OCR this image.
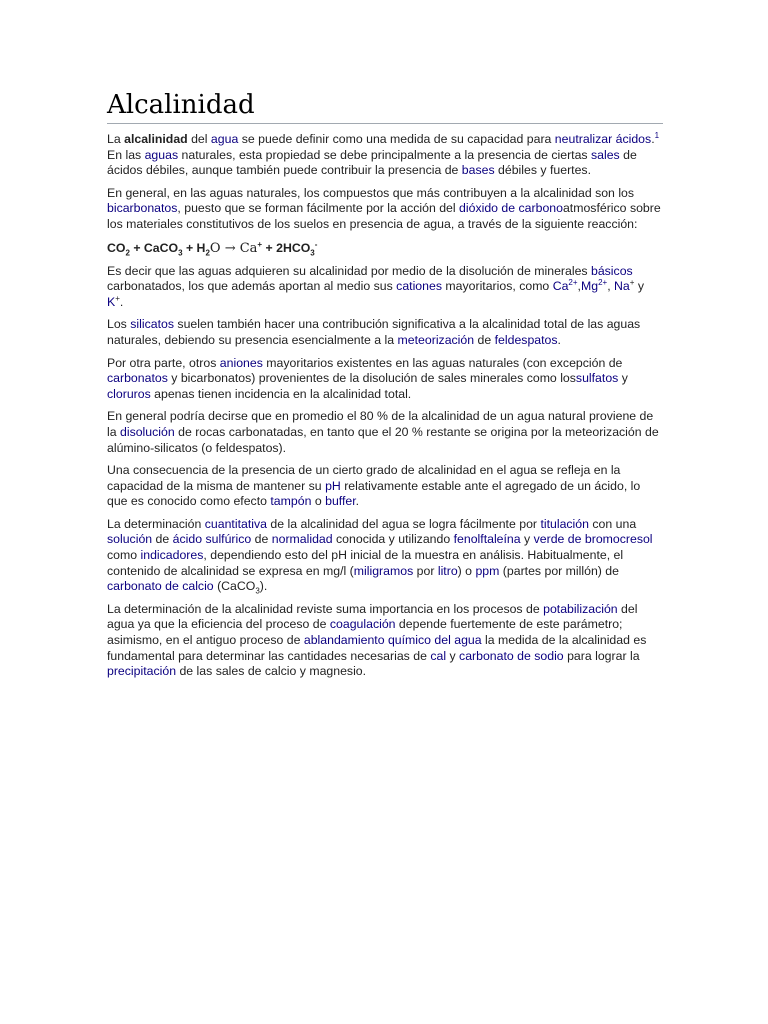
Alcalinidad

La alcalinidad del agua se puede definir como una medida de su capacidad para neutralizar ácidos.$^1$ En las aguas naturales, esta propiedad se debe principalmente a la presencia de ciertas sales de ácidos débiles, aunque también puede contribuir la presencia de bases débiles y fuertes.

En general, en las aguas naturales, los compuestos que más contribuyen a la alcalinidad son los bicarbonatos, puesto que se forman fácilmente por la acción del dióxido de carbonoatmosférico sobre los materiales constitutivos de los suelos en presencia de agua, a través de la siguiente reacción:

$CO_2$ + CaCO$_3$ + $H_2O \to Ca^+ + 2HCO_3^-$

Es decir que las aguas adquieren su alcalinidad por medio de la disolución de minerales básicos carbonatados, los que además aportan al medio sus cationes mayoritarios, como $Ca^{2+},Mg^{2+}$, Na+ y K+.

Los silicatos suelen también hacer una contribución significativa a la alcalinidad total de las aguas naturales, debiendo su presencia esencialmente a la meteorización de feldespatos.

Por otra parte, otros aniones mayoritarios existentes en las aguas naturales (con excepción de carbonatos y bicarbonatos) provenientes de la disolución de sales minerales como lossulfatos y cloruros apenas tienen incidencia en la alcalinidad total.

En general podría decirse que en promedio el 80 % de la alcalinidad de un agua natural proviene de la disolución de rocas carbonatadas, en tanto que el 20 % restante se origina por la meteorización de alúmino-silicatos (o feldespatos).

Una consecuencia de la presencia de un cierto grado de alcalinidad en el agua se refleja en la capacidad de la misma de mantener su pH relativamente estable ante el agregado de un ácido, lo que es conocido como efecto tampón o buffer.

La determinación cuantitativa de la alcalinidad del agua se logra fácilmente por titulación con una solución de ácido sulfúrico de normalidad conocida y utilizando fenolftaleína y verde de bromocresol como indicadores, dependiendo esto del pH inicial de la muestra en análisis. Habitualmente, el contenido de alcalinidad se expresa en mg/l (miligramos por litro) o ppm (partes por millón) de carbonato de calcio (CaCO$_3$).

La determinación de la alcalinidad reviste suma importancia en los procesos de potabilización del agua ya que la eficiencia del proceso de coagulación depende fuertemente de este parámetro; asimismo, en el antiguo proceso de ablandamiento químico del agua la medida de la alcalinidad es fundamental para determinar las cantidades necesarias de cal y carbonato de sodio para lograr la precipitación de las sales de calcio y magnesio.
